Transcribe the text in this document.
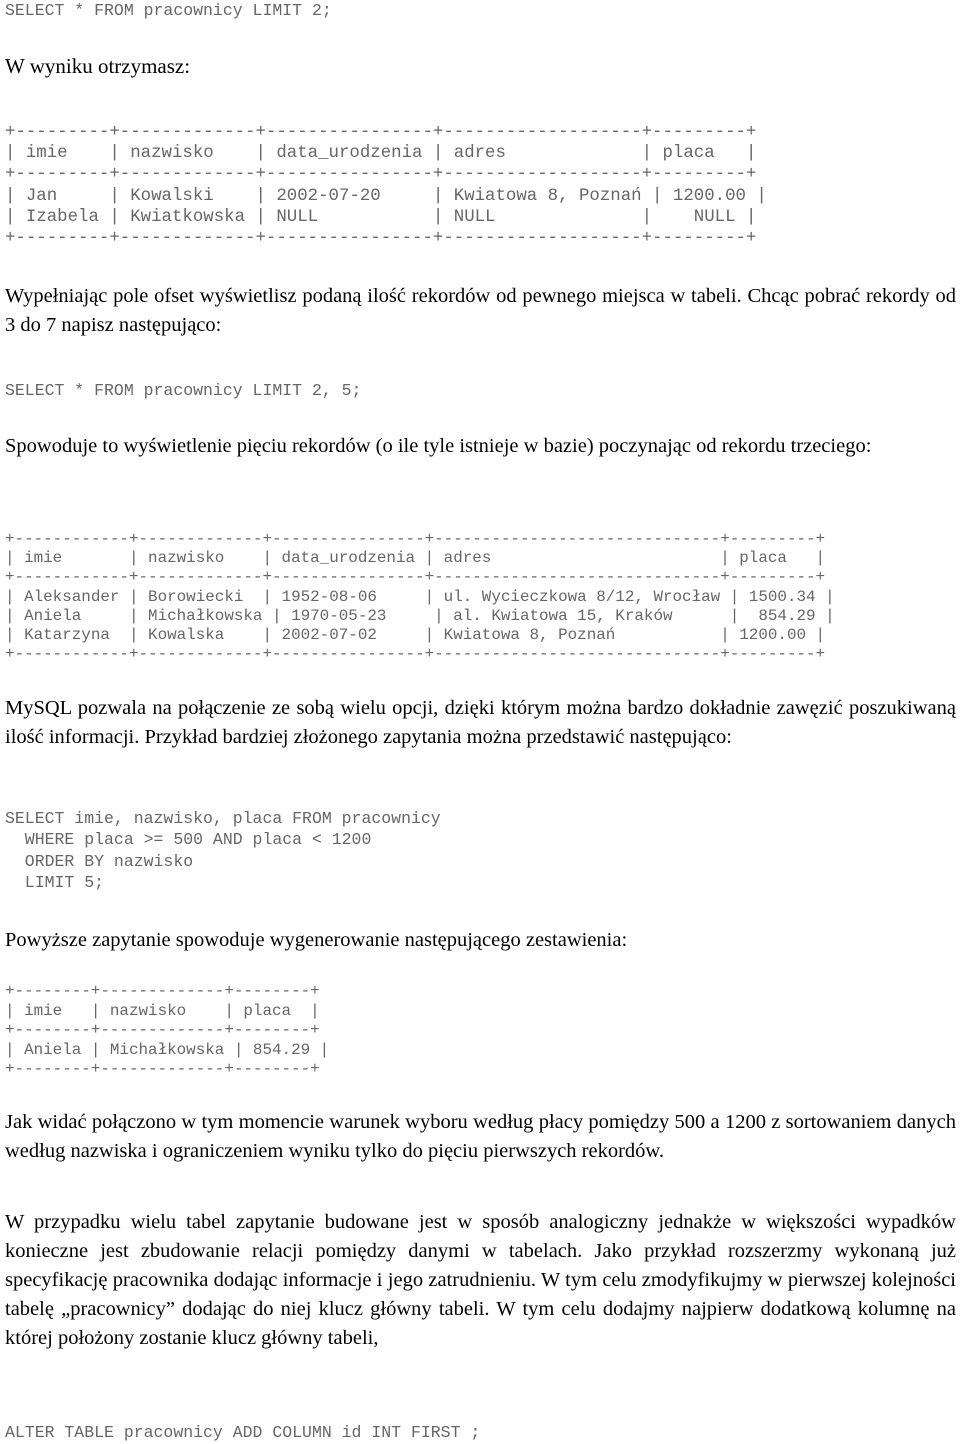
SELECT * FROM pracownicy LIMIT 2;

W wyniku otrzymasz:

+---------+-------------+----------------+-------------------+---------+
| imie    | nazwisko    | data_urodzenia | adres             | placa   |
+---------+-------------+----------------+-------------------+---------+
| Jan     | Kowalski    | 2002-07-20     | Kwiatowa 8, Poznań | 1200.00 |
| Izabela | Kwiatkowska | NULL           | NULL              |    NULL |
+---------+-------------+----------------+-------------------+---------+

Wypełniając pole ofset wyświetlisz podaną ilość rekordów od pewnego miejsca w tabeli. Chcąc pobrać rekordy od 3 do 7 napisz następująco:

SELECT * FROM pracownicy LIMIT 2, 5;

Spowoduje to wyświetlenie pięciu rekordów (o ile tyle istnieje w bazie) poczynając od rekordu trzeciego:

+------------+-------------+----------------+------------------------------+---------+
| imie       | nazwisko    | data_urodzenia | adres                        | placa   |
+------------+-------------+----------------+------------------------------+---------+
| Aleksander | Borowiecki  | 1952-08-06     | ul. Wycieczkowa 8/12, Wrocław | 1500.34 |
| Aniela     | Michałkowska | 1970-05-23     | al. Kwiatowa 15, Kraków      |  854.29 |
| Katarzyna  | Kowalska    | 2002-07-02     | Kwiatowa 8, Poznań           | 1200.00 |
+------------+-------------+----------------+------------------------------+---------+

MySQL pozwala na połączenie ze sobą wielu opcji, dzięki którym można bardzo dokładnie zawęzić poszukiwaną ilość informacji. Przykład bardziej złożonego zapytania można przedstawić następująco:

SELECT imie, nazwisko, placa FROM pracownicy
WHERE placa >= 500 AND placa < 1200
ORDER BY nazwisko
LIMIT 5;

Powyższe zapytanie spowoduje wygenerowanie następującego zestawienia:

+--------+-------------+--------+
| imie   | nazwisko    | placa  |
+--------+-------------+--------+
| Aniela | Michałkowska | 854.29 |
+--------+-------------+--------+

Jak widać połączono w tym momencie warunek wyboru według płacy pomiędzy 500 a 1200 z sortowaniem danych według nazwiska i ograniczeniem wyniku tylko do pięciu pierwszych rekordów.

W przypadku wielu tabel zapytanie budowane jest w sposób analogiczny jednakże w większości wypadków konieczne jest zbudowanie relacji pomiędzy danymi w tabelach. Jako przykład rozszerzmy wykonaną już specyfikację pracownika dodając informacje i jego zatrudnieniu. W tym celu zmodyfikujmy w pierwszej kolejności tabelę „pracownicy” dodając do niej klucz główny tabeli. W tym celu dodajmy najpierw dodatkową kolumnę na której położony zostanie klucz główny tabeli,

ALTER TABLE pracownicy ADD COLUMN id INT FIRST ;
